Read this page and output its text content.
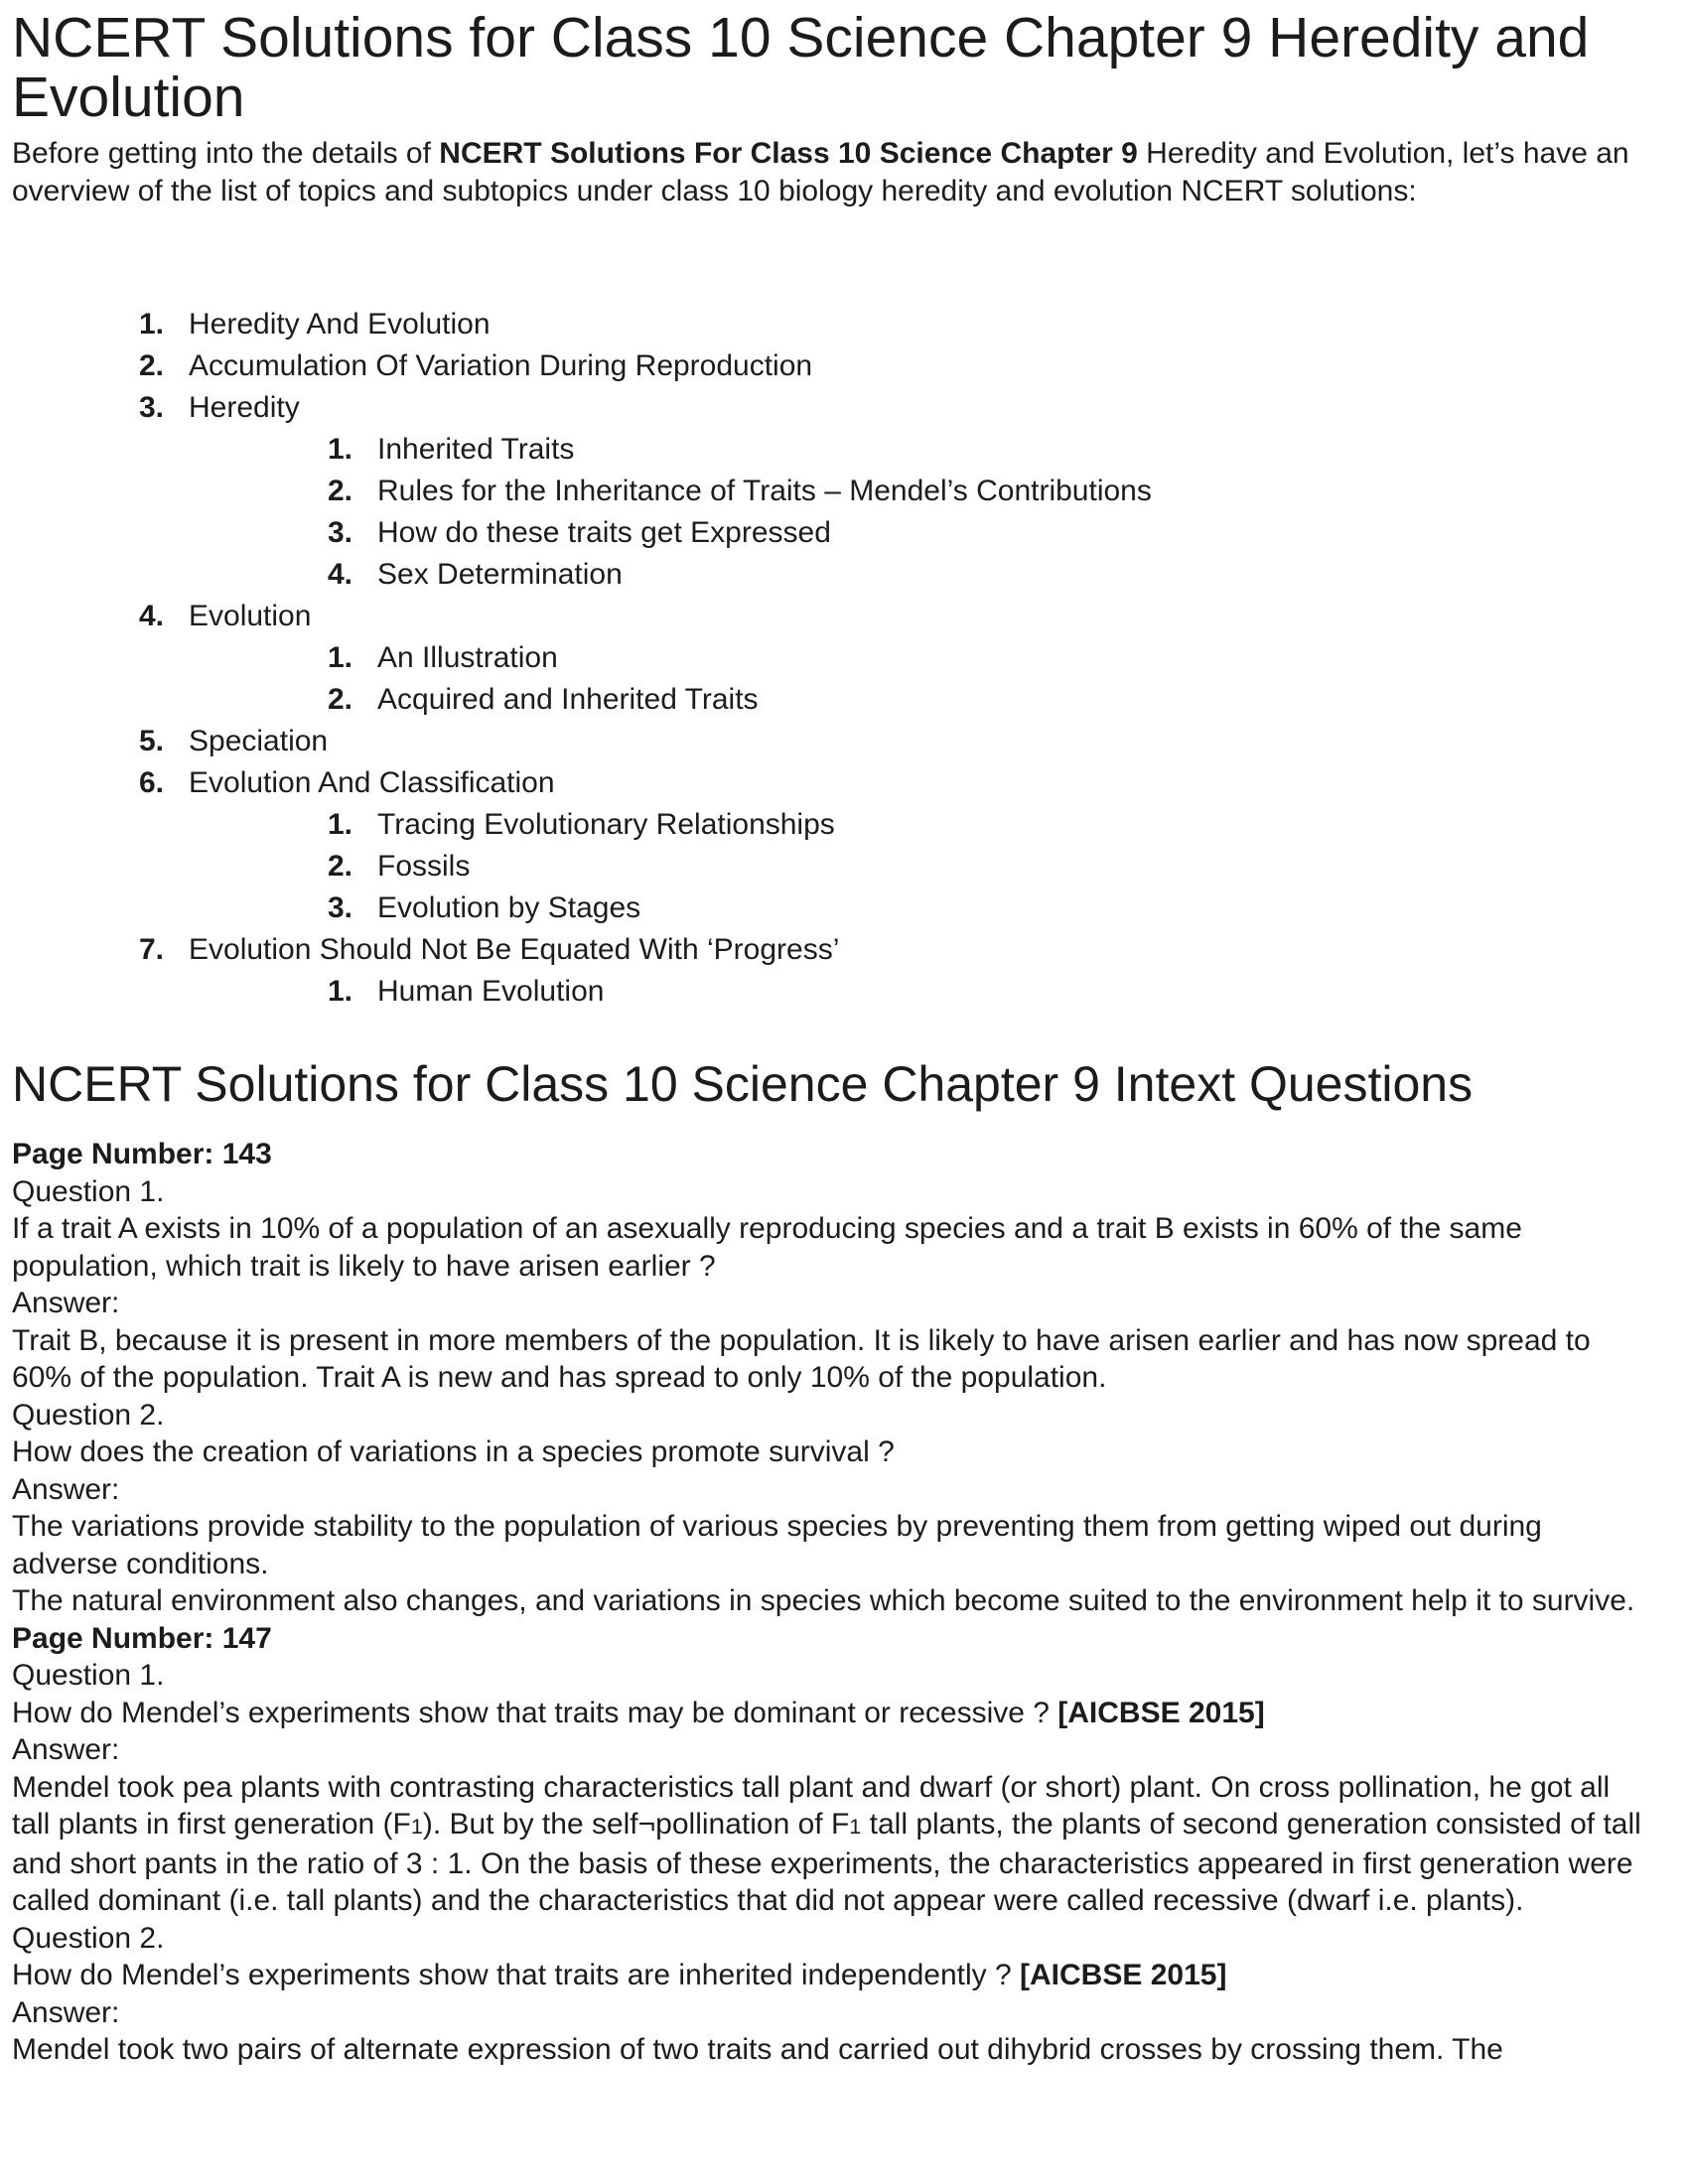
NCERT Solutions for Class 10 Science Chapter 9 Heredity and Evolution

Before getting into the details of NCERT Solutions For Class 10 Science Chapter 9 Heredity and Evolution, let’s have an overview of the list of topics and subtopics under class 10 biology heredity and evolution NCERT solutions:

1. Heredity And Evolution
2. Accumulation Of Variation During Reproduction
3. Heredity
1. Inherited Traits
2. Rules for the Inheritance of Traits – Mendel’s Contributions
3. How do these traits get Expressed
4. Sex Determination
4. Evolution
1. An Illustration
2. Acquired and Inherited Traits
5. Speciation
6. Evolution And Classification
1. Tracing Evolutionary Relationships
2. Fossils
3. Evolution by Stages
7. Evolution Should Not Be Equated With ‘Progress’
1. Human Evolution
NCERT Solutions for Class 10 Science Chapter 9 Intext Questions
Page Number: 143
Question 1.
If a trait A exists in 10% of a population of an asexually reproducing species and a trait B exists in 60% of the same population, which trait is likely to have arisen earlier ?
Answer:
Trait B, because it is present in more members of the population. It is likely to have arisen earlier and has now spread to 60% of the population. Trait A is new and has spread to only 10% of the population.
Question 2.
How does the creation of variations in a species promote survival ?
Answer:
The variations provide stability to the population of various species by preventing them from getting wiped out during adverse conditions.
The natural environment also changes, and variations in species which become suited to the environment help it to survive.
Page Number: 147
Question 1.
How do Mendel’s experiments show that traits may be dominant or recessive ? [AICBSE 2015]
Answer:
Mendel took pea plants with contrasting characteristics tall plant and dwarf (or short) plant. On cross pollination, he got all tall plants in first generation (F1). But by the self¬pollination of F1 tall plants, the plants of second generation consisted of tall and short pants in the ratio of 3 : 1. On the basis of these experiments, the characteristics appeared in first generation were called dominant (i.e. tall plants) and the characteristics that did not appear were called recessive (dwarf i.e. plants).
Question 2.
How do Mendel’s experiments show that traits are inherited independently ? [AICBSE 2015]
Answer:
Mendel took two pairs of alternate expression of two traits and carried out dihybrid crosses by crossing them. The
